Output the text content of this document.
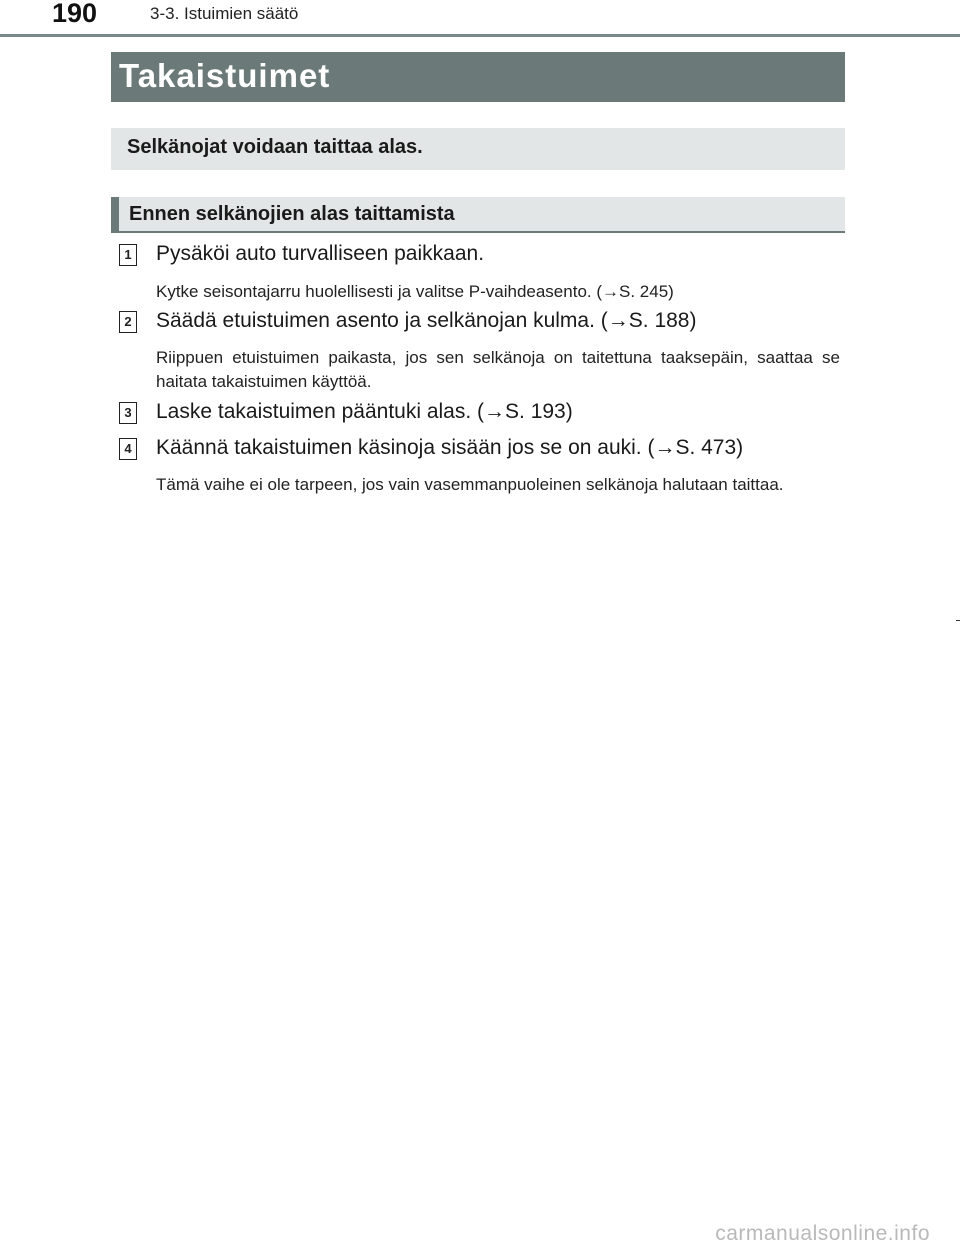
190	3-3. Istuimien säätö
Takaistuimet
Selkänojat voidaan taittaa alas.
Ennen selkänojien alas taittamista
1 Pysäköi auto turvalliseen paikkaan.
Kytke seisontajarru huolellisesti ja valitse P-vaihdeasento. (→S. 245)
2 Säädä etuistuimen asento ja selkänojan kulma. (→S. 188)
Riippuen etuistuimen paikasta, jos sen selkänoja on taitettuna taaksepäin, saattaa se haitata takaistuimen käyttöä.
3 Laske takaistuimen pääntuki alas. (→S. 193)
4 Käännä takaistuimen käsinoja sisään jos se on auki. (→S. 473)
Tämä vaihe ei ole tarpeen, jos vain vasemmanpuoleinen selkänoja halutaan taittaa.
carmanualsonline.info
